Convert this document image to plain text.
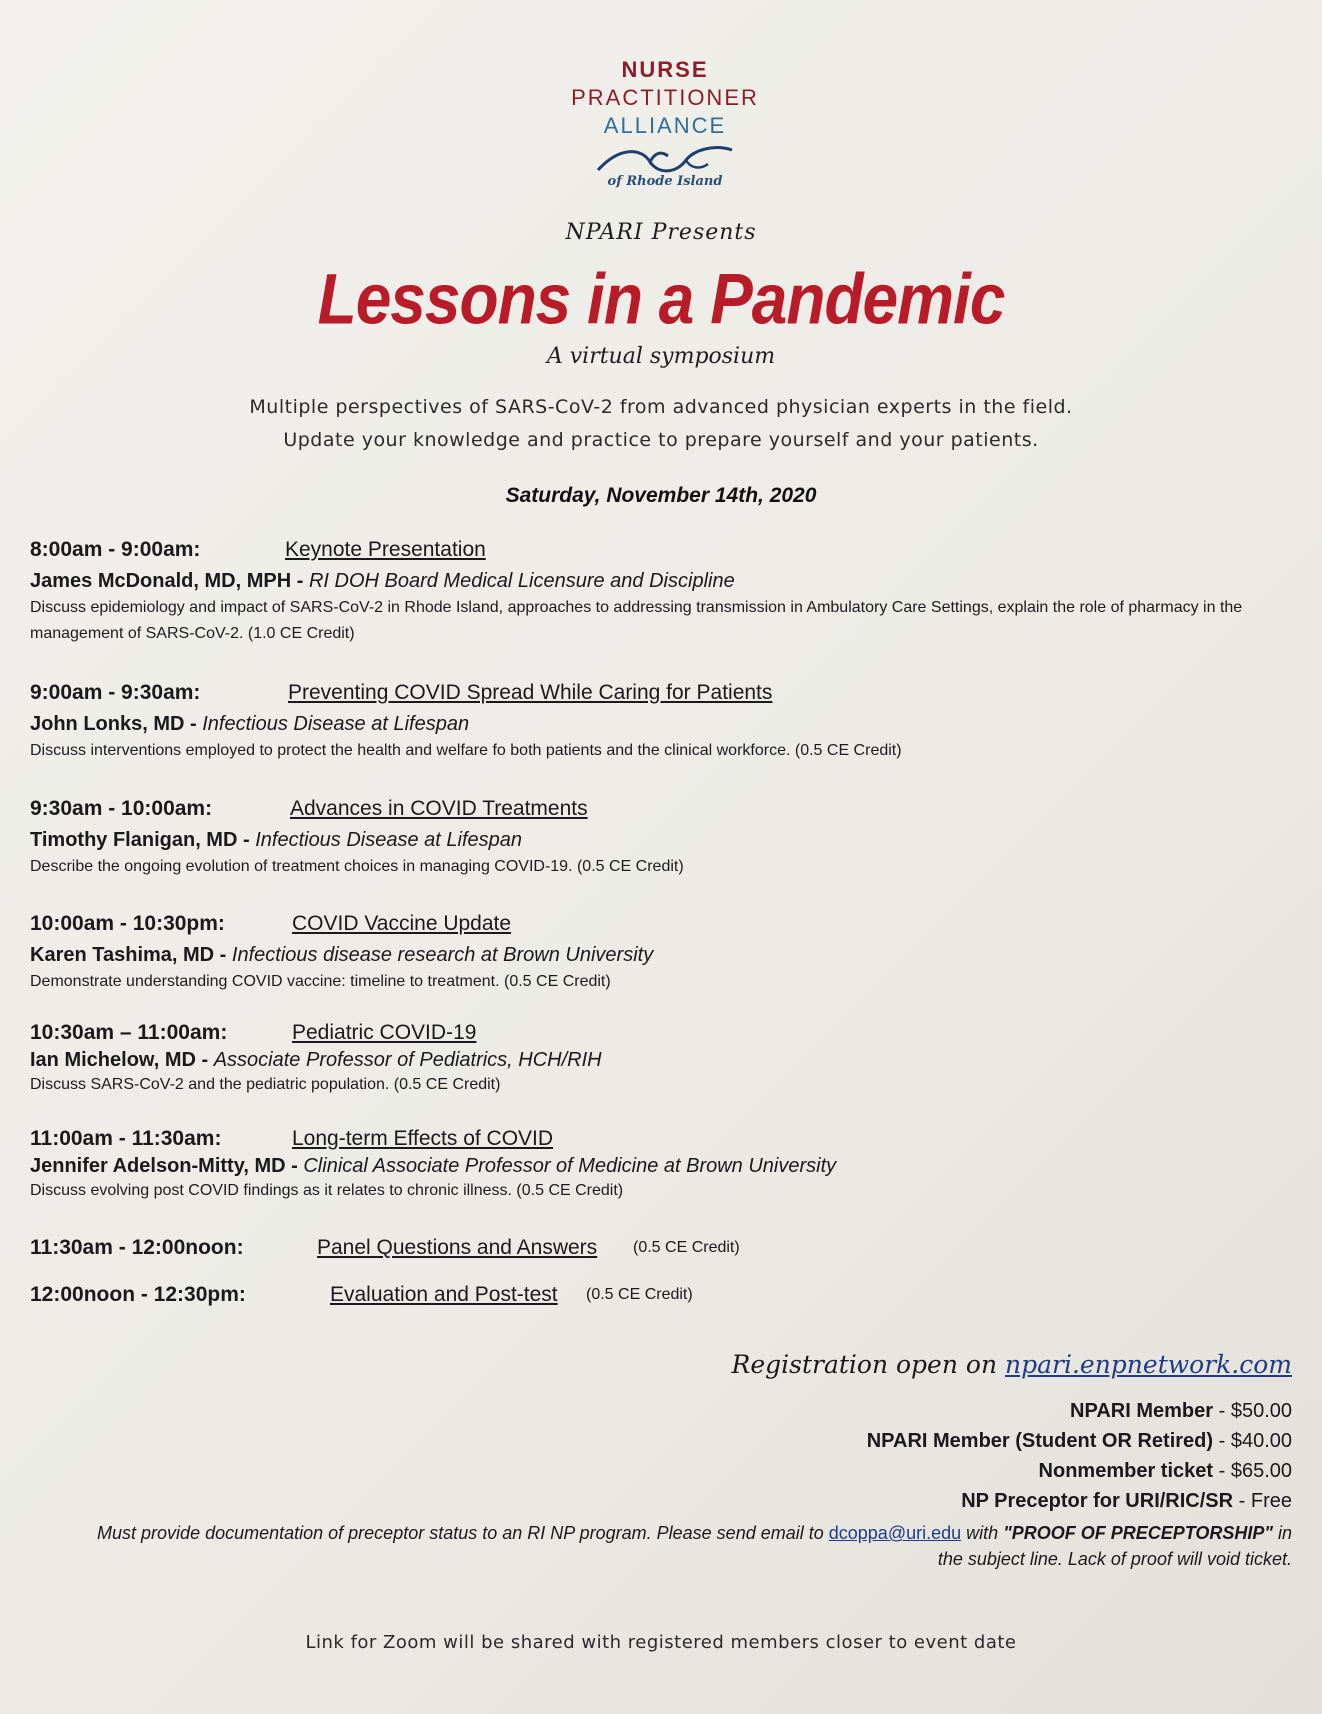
NURSE
PRACTITIONER
ALLIANCE
of Rhode Island
NPARI Presents
Lessons in a Pandemic
A virtual symposium
Multiple perspectives of SARS-CoV-2 from advanced physician experts in the field.
Update your knowledge and practice to prepare yourself and your patients.
Saturday, November 14th, 2020
8:00am - 9:00am:	Keynote Presentation
James McDonald, MD, MPH - RI DOH Board Medical Licensure and Discipline
Discuss epidemiology and impact of SARS-CoV-2 in Rhode Island, approaches to addressing transmission in Ambulatory Care Settings, explain the role of pharmacy in the management of SARS-CoV-2. (1.0 CE Credit)
9:00am - 9:30am:	Preventing COVID Spread While Caring for Patients
John Lonks, MD - Infectious Disease at Lifespan
Discuss interventions employed to protect the health and welfare fo both patients and the clinical workforce. (0.5 CE Credit)
9:30am - 10:00am:	Advances in COVID Treatments
Timothy Flanigan, MD - Infectious Disease at Lifespan
Describe the ongoing evolution of treatment choices in managing COVID-19. (0.5 CE Credit)
10:00am - 10:30pm:	COVID Vaccine Update
Karen Tashima, MD - Infectious disease research at Brown University
Demonstrate understanding COVID vaccine: timeline to treatment. (0.5 CE Credit)
10:30am – 11:00am:	Pediatric COVID-19
Ian Michelow, MD - Associate Professor of Pediatrics, HCH/RIH
Discuss SARS-CoV-2 and the pediatric population. (0.5 CE Credit)
11:00am - 11:30am:	Long-term Effects of COVID
Jennifer Adelson-Mitty, MD - Clinical Associate Professor of Medicine at Brown University
Discuss evolving post COVID findings as it relates to chronic illness. (0.5 CE Credit)
11:30am - 12:00noon:	Panel Questions and Answers (0.5 CE Credit)
12:00noon - 12:30pm:	Evaluation and Post-test (0.5 CE Credit)
Registration open on npari.enpnetwork.com
NPARI Member - $50.00
NPARI Member (Student OR Retired) - $40.00
Nonmember ticket - $65.00
NP Preceptor for URI/RIC/SR - Free
Must provide documentation of preceptor status to an RI NP program. Please send email to dcoppa@uri.edu with "PROOF OF PRECEPTORSHIP" in the subject line. Lack of proof will void ticket.
Link for Zoom will be shared with registered members closer to event date
